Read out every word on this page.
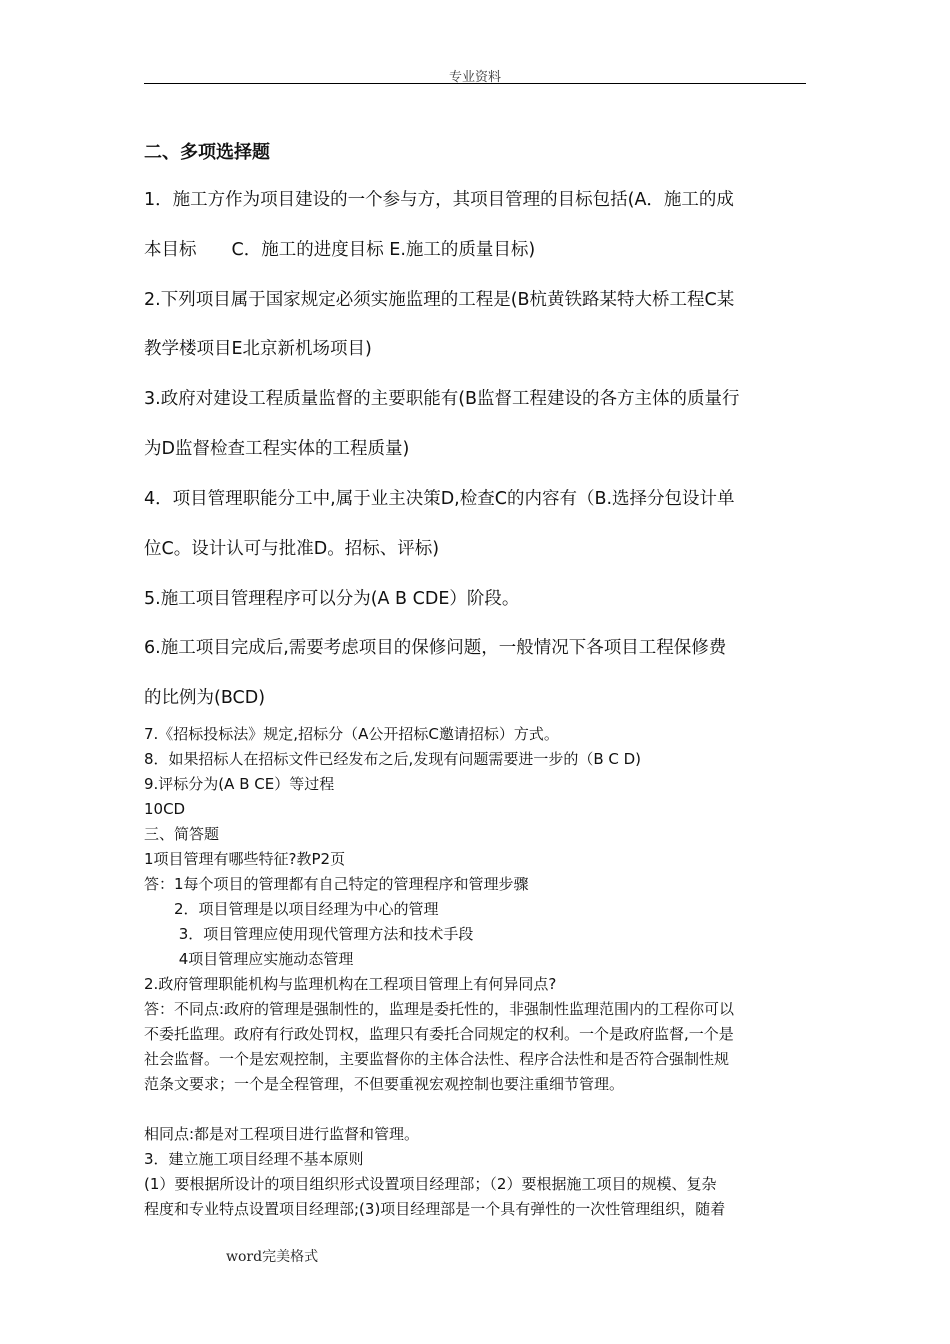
专业资料
二、多项选择题
1．施工方作为项目建设的一个参与方，其项目管理的目标包括(A．施工的成
本目标　　C．施工的进度目标 E.施工的质量目标)
2.下列项目属于国家规定必须实施监理的工程是(B杭黄铁路某特大桥工程C某
教学楼项目E北京新机场项目)
3.政府对建设工程质量监督的主要职能有(B监督工程建设的各方主体的质量行
为D监督检查工程实体的工程质量)
4．项目管理职能分工中,属于业主决策D,检查C的内容有（B.选择分包设计单
位C。设计认可与批准D。招标、评标)
5.施工项目管理程序可以分为(A B CDE）阶段。
6.施工项目完成后,需要考虑项目的保修问题，一般情况下各项目工程保修费
的比例为(BCD)
7.《招标投标法》规定,招标分（A公开招标C邀请招标）方式。
8．如果招标人在招标文件已经发布之后,发现有问题需要进一步的（B C D)
9.评标分为(A B CE）等过程
10CD
三、简答题
1项目管理有哪些特征?教P2页
答：1每个项目的管理都有自己特定的管理程序和管理步骤
　　2．项目管理是以项目经理为中心的管理
　　 3．项目管理应使用现代管理方法和技术手段
　　 4项目管理应实施动态管理
2.政府管理职能机构与监理机构在工程项目管理上有何异同点?
答：不同点:政府的管理是强制性的，监理是委托性的，非强制性监理范围内的工程你可以
不委托监理。政府有行政处罚权，监理只有委托合同规定的权利。一个是政府监督,一个是
社会监督。一个是宏观控制，主要监督你的主体合法性、程序合法性和是否符合强制性规
范条文要求；一个是全程管理，不但要重视宏观控制也要注重细节管理。
相同点:都是对工程项目进行监督和管理。
3．建立施工项目经理不基本原则
(1）要根据所设计的项目组织形式设置项目经理部；（2）要根据施工项目的规模、复杂
程度和专业特点设置项目经理部;(3)项目经理部是一个具有弹性的一次性管理组织，随着
word完美格式
